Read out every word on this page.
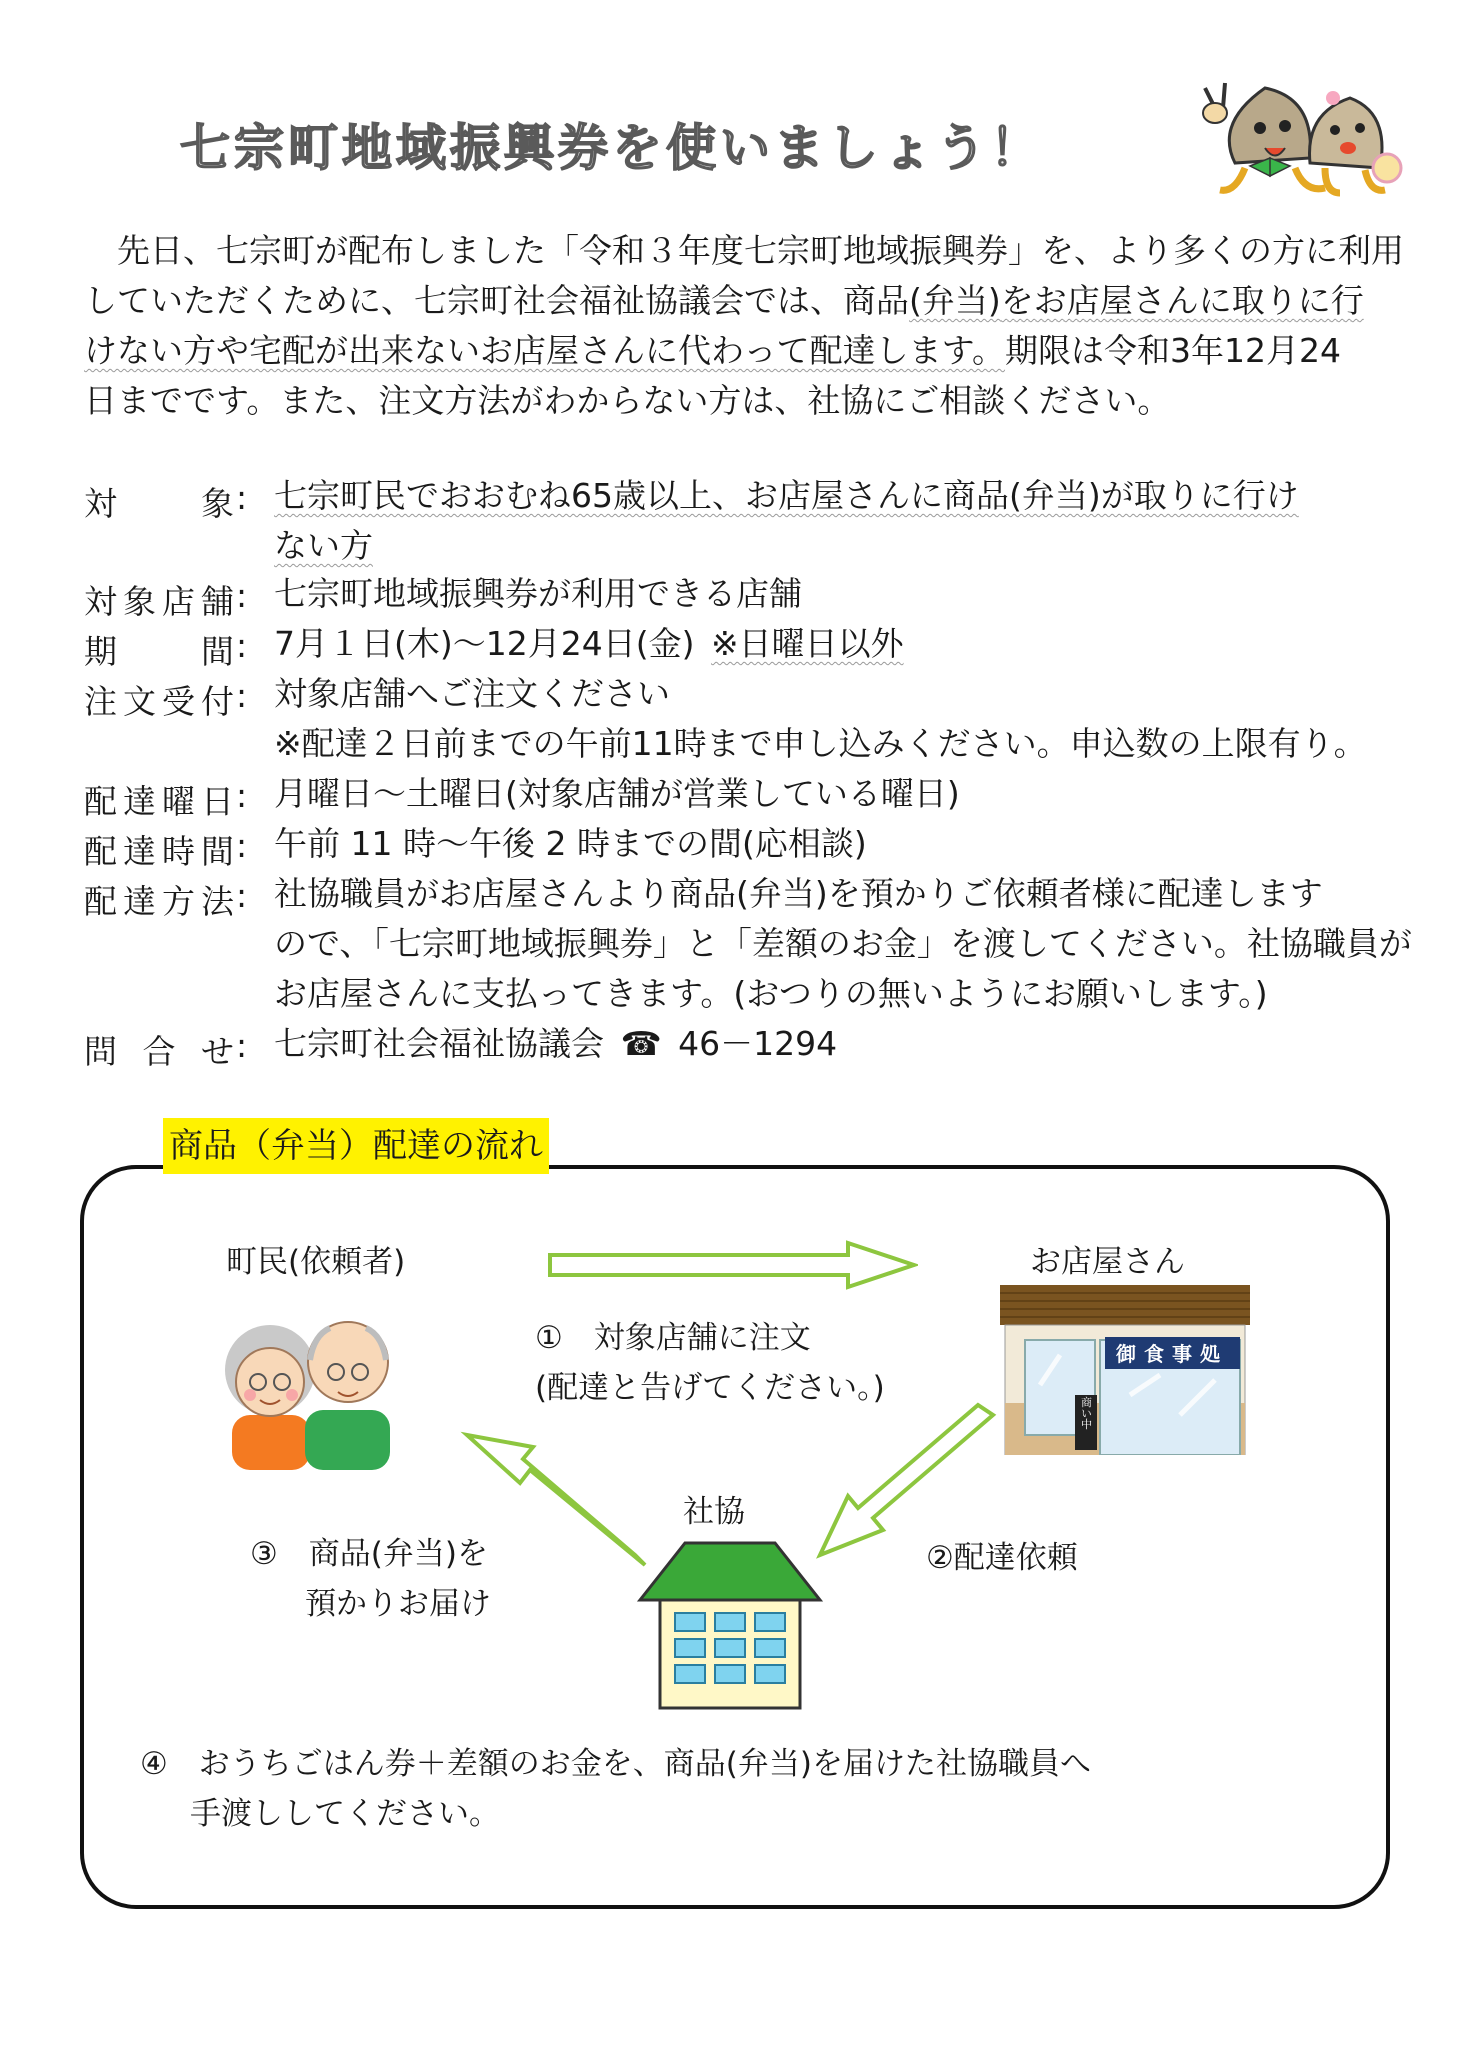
七宗町地域振興券を使いましょう！

 先日、七宗町が配布しました「令和３年度七宗町地域振興券」を、より多くの方に利用

していただくために、七宗町社会福祉協議会では、商品(弁当)をお店屋さんに取りに行

けない方や宅配が出来ないお店屋さんに代わって配達します。期限は令和3年12月24

日までです。また、注文方法がわからない方は、社協にご相談ください。

対　象 : 七宗町民でおおむね65歳以上、お店屋さんに商品(弁当)が取りに行け
ない方
対象店舗 : 七宗町地域振興券が利用できる店舗
期　間 : 7月１日(木)～12月24日(金)  ※日曜日以外
注文受付 : 対象店舗へご注文ください
※配達２日前までの午前11時まで申し込みください。申込数の上限有り。
配達曜日 : 月曜日～土曜日(対象店舗が営業している曜日)
配達時間 : 午前 11 時～午後 2 時までの間(応相談)
配達方法 : 社協職員がお店屋さんより商品(弁当)を預かりご依頼者様に配達します
ので、「七宗町地域振興券」と「差額のお金」を渡してください。社協職員が
お店屋さんに支払ってきます。(おつりの無いようにお願いします。)
問 合 せ : 七宗町社会福祉協議会  ☎  46－1294
商品（弁当）配達の流れ
町民(依頼者)	お店屋さん
御食事処
商い中
①　対象店舗に注文
(配達と告げてください。)
②配達依頼
③　商品(弁当)を
預かりお届け
社協
④　おうちごはん券＋差額のお金を、商品(弁当)を届けた社協職員へ
手渡ししてください。
